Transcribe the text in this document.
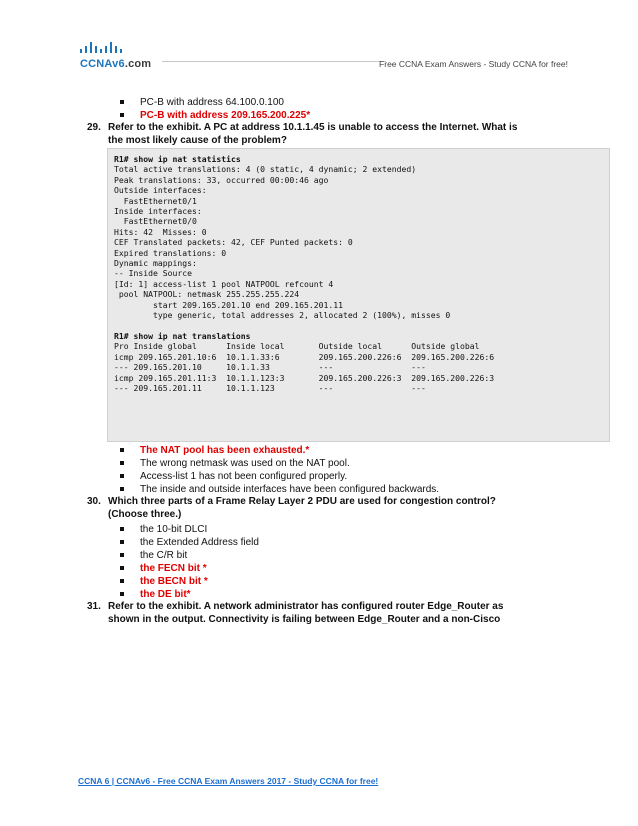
CCNAv6.com	Free CCNA Exam Answers - Study CCNA for free!
PC-B with address 64.100.0.100
PC-B with address 209.165.200.225*
29. Refer to the exhibit. A PC at address 10.1.1.45 is unable to access the Internet. What is
the most likely cause of the problem?
R1# show ip nat statistics
Total active translations: 4 (0 static, 4 dynamic; 2 extended)
Peak translations: 33, occurred 00:00:46 ago
Outside interfaces:
FastEthernet0/1
Inside interfaces:
FastEthernet0/0
Hits: 42  Misses: 0
CEF Translated packets: 42, CEF Punted packets: 0
Expired translations: 0
Dynamic mappings:
-- Inside Source
[Id: 1] access-list 1 pool NATPOOL refcount 4
pool NATPOOL: netmask 255.255.255.224
start 209.165.201.10 end 209.165.201.11
type generic, total addresses 2, allocated 2 (100%), misses 0

R1# show ip nat translations
Pro Inside global      Inside local       Outside local      Outside global
icmp 209.165.201.10:6  10.1.1.33:6        209.165.200.226:6  209.165.200.226:6
--- 209.165.201.10     10.1.1.33          ---                ---
icmp 209.165.201.11:3  10.1.1.123:3       209.165.200.226:3  209.165.200.226:3
--- 209.165.201.11     10.1.1.123         ---                ---

The NAT pool has been exhausted.*
The wrong netmask was used on the NAT pool.
Access-list 1 has not been configured properly.
The inside and outside interfaces have been configured backwards.
30. Which three parts of a Frame Relay Layer 2 PDU are used for congestion control?
(Choose three.)
the 10-bit DLCI
the Extended Address field
the C/R bit
the FECN bit *
the BECN bit *
the DE bit*
31. Refer to the exhibit. A network administrator has configured router Edge_Router as
shown in the output. Connectivity is failing between Edge_Router and a non-Cisco
CCNA 6 | CCNAv6 - Free CCNA Exam Answers 2017 - Study CCNA for free!
